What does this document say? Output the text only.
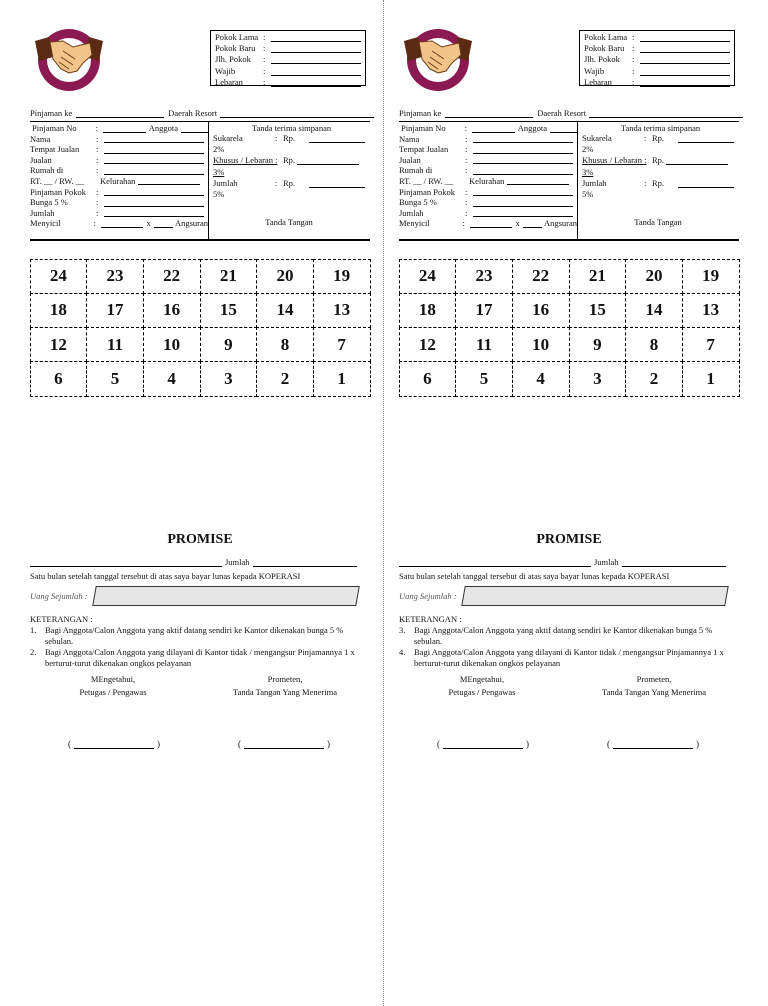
Pokok Lama :
Pokok Baru :
Jlh. Pokok	:
Wajib	:
Lebaran	:
Pinjaman ke	Daerah Resort
Pinjaman No	:	Anggota
Nama	:
Tempat Jualan	:
Jualan	:
Rumah di	:
RT. __ / RW. __	Kelurahan
Pinjaman Pokok	:
Bunga 5 %	:
Jumlah	:
Menyicil	:	x	Angsuran
Tanda terima simpanan
Sukarela	: Rp.
2%
Khusus / Lebaran : Rp.
3%
Jumlah	: Rp.
5%
Tanda Tangan
24	23	22	21	20	19
18	17	16	15	14	13
12	11	10	9	8	7
6	5	4	3	2	1
PROMISE
Jumlah
Satu bulan setelah tanggal tersebut di atas saya bayar lunas kepada KOPERASI
Uang Sejumlah :
KETERANGAN :
1.	Bagi Anggota/Calon Anggota yang aktif datang sendiri ke Kantor dikenakan bunga 5 % sebulan.
2.	Bagi Anggota/Calon Anggota yang dilayani di Kantor tidak / mengangsur Pinjamannya 1 x berturut-turut dikenakan ongkos pelayanan
MEngetahui,
Petugas / Pengawas
Prometen,
Tanda Tangan Yang Menerima
(	)	(	)
Pokok Lama :
Pokok Baru :
Jlh. Pokok	:
Wajib	:
Lebaran	:
Pinjaman ke	Daerah Resort
Pinjaman No	:	Anggota
Nama	:
Tempat Jualan	:
Jualan	:
Rumah di	:
RT. __ / RW. __	Kelurahan
Pinjaman Pokok	:
Bunga 5 %	:
Jumlah	:
Menyicil	:	x	Angsuran
Tanda terima simpanan
Sukarela	: Rp.
2%
Khusus / Lebaran : Rp.
3%
Jumlah	: Rp.
5%
Tanda Tangan
24	23	22	21	20	19
18	17	16	15	14	13
12	11	10	9	8	7
6	5	4	3	2	1
PROMISE
Jumlah
Satu bulan setelah tanggal tersebut di atas saya bayar lunas kepada KOPERASI
Uang Sejumlah :
KETERANGAN :
3.	Bagi Anggota/Calon Anggota yang aktif datang sendiri ke Kantor dikenakan bunga 5 % sebulan.
4.	Bagi Anggota/Calon Anggota yang dilayani di Kantor tidak / mengangsur Pinjamannya 1 x berturut-turut dikenakan ongkos pelayanan
MEngetahui,
Petugas / Pengawas
Prometen,
Tanda Tangan Yang Menerima
(	)	(	)
